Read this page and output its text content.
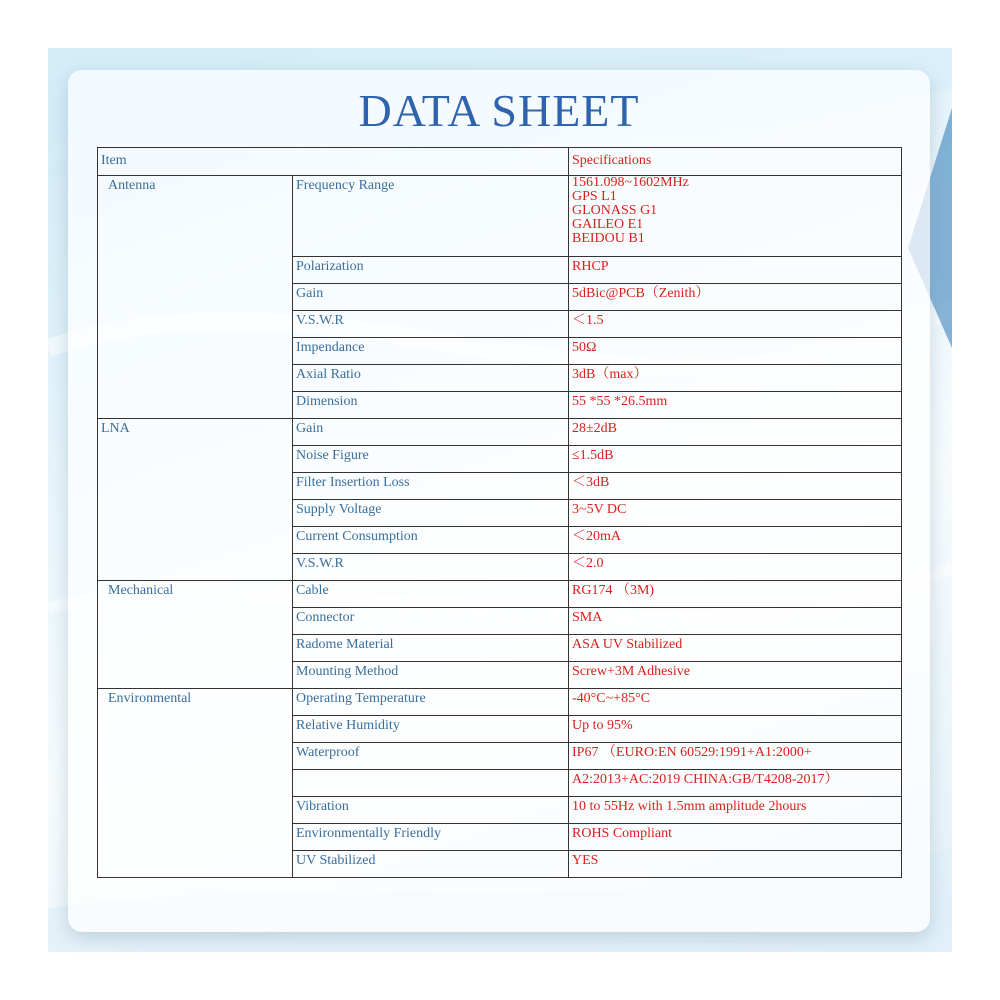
DATA SHEET
Item		Specifications
Antenna	Frequency Range	1561.098~1602MHz
GPS L1
GLONASS G1
GAILEO E1
BEIDOU B1

	Polarization	RHCP
	Gain	5dBic@PCB（Zenith）
	V.S.W.R	＜1.5
	Impendance	50Ω
	Axial Ratio	3dB（max）
	Dimension	55 *55 *26.5mm
LNA	Gain	28±2dB
	Noise Figure	≤1.5dB
	Filter Insertion Loss	＜3dB
	Supply Voltage	3~5V DC
	Current Consumption	＜20mA
	V.S.W.R	＜2.0
Mechanical	Cable	RG174 （3M)
	Connector	SMA
	Radome Material	ASA UV Stabilized
	Mounting Method	Screw+3M Adhesive
Environmental	Operating Temperature	-40°C~+85°C
	Relative Humidity	Up to 95%
	Waterproof	IP67 （EURO:EN 60529:1991+A1:2000+
		A2:2013+AC:2019 CHINA:GB/T4208-2017）
	Vibration	10 to 55Hz with 1.5mm amplitude 2hours
	Environmentally Friendly	ROHS Compliant
	UV Stabilized	YES
